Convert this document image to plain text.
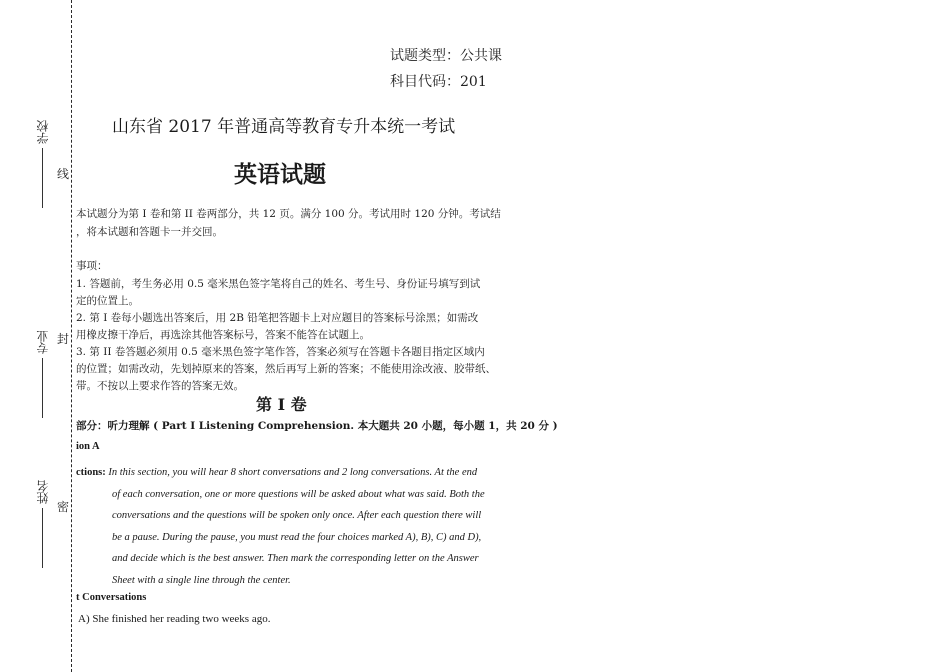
学校
专业
姓名
线
封
密
试题类型：公共课
科目代码：201
山东省 2017 年普通高等教育专升本统一考试
英语试题
本试题分为第 I 卷和第 II 卷两部分，共 12 页。满分 100 分。考试用时 120 分钟。考试结
，将本试题和答题卡一并交回。
事项：
1. 答题前，考生务必用 0.5 毫米黑色签字笔将自己的姓名、考生号、身份证号填写到试
定的位置上。
2. 第 I 卷每小题选出答案后，用 2B 铅笔把答题卡上对应题目的答案标号涂黑；如需改
用橡皮擦干净后，再选涂其他答案标号，答案不能答在试题上。
3. 第 II 卷答题必须用 0.5 毫米黑色签字笔作答，答案必须写在答题卡各题目指定区域内
的位置；如需改动，先划掉原来的答案，然后再写上新的答案；不能使用涂改液、胶带纸、
带。不按以上要求作答的答案无效。
第 I 卷
部分：听力理解 ( Part I Listening Comprehension. 本大题共 20 小题，每小题 1，共 20 分 )
ion A
ctions: In this section, you will hear 8 short conversations and 2 long conversations. At the end
of each conversation, one or more questions will be asked about what was said. Both the
conversations and the questions will be spoken only once. After each question there will
be a pause. During the pause, you must read the four choices marked A), B), C) and D),
and decide which is the best answer. Then mark the corresponding letter on the Answer
Sheet with a single line through the center.
t Conversations
A) She finished her reading two weeks ago.
